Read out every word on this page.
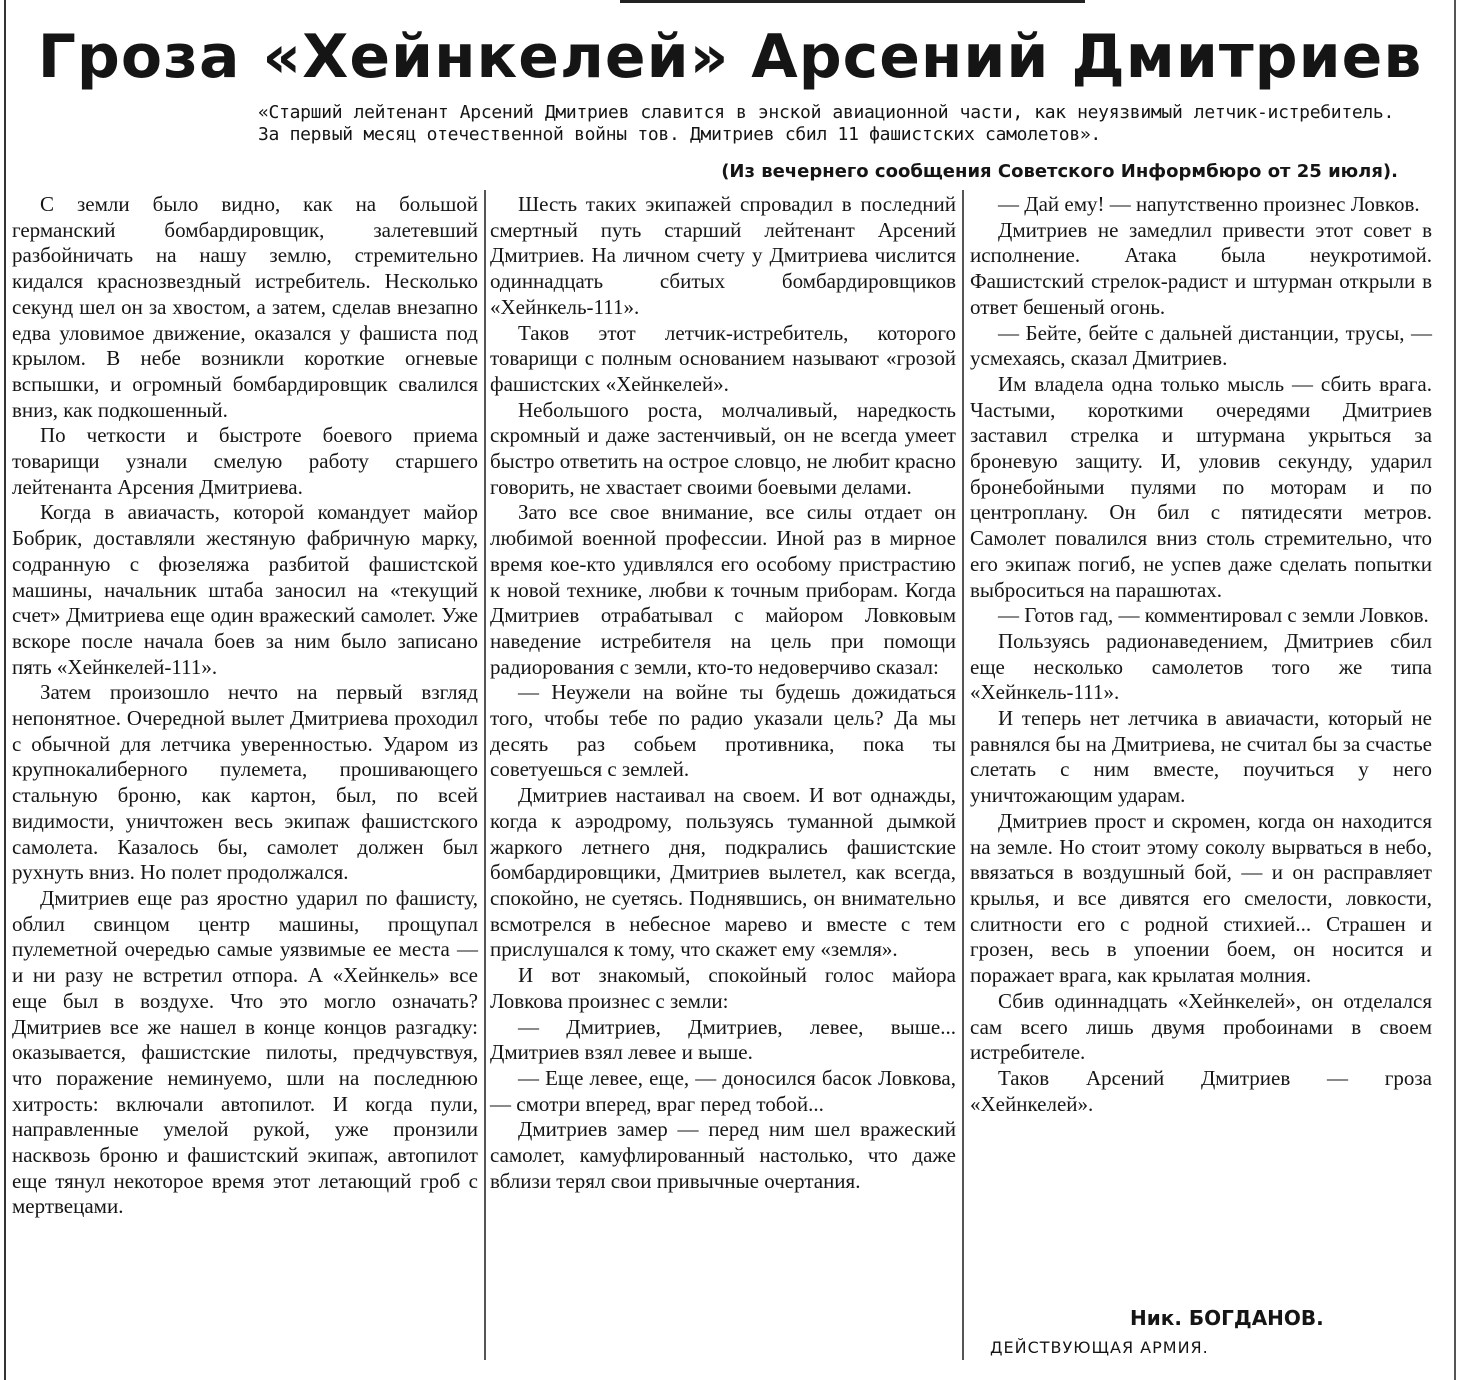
Гроза «Хейнкелей» Арсений Дмитриев

«Старший лейтенант Арсений Дмитриев славится в энской авиационной части, как неуязвимый летчик-истребитель. За первый месяц отечественной войны тов. Дмитриев сбил 11 фашистских самолетов».

(Из вечернего сообщения Советского Информбюро от 25 июля).

С земли было видно, как на большой германский бомбардировщик, залетевший разбойничать на нашу землю, стремительно кидался краснозвездный истребитель. Несколько секунд шел он за хвостом, а затем, сделав внезапно едва уловимое движение, оказался у фашиста под крылом. В небе возникли короткие огневые вспышки, и огромный бомбардировщик свалился вниз, как подкошенный.

По четкости и быстроте боевого приема товарищи узнали смелую работу старшего лейтенанта Арсения Дмитриева.

Когда в авиачасть, которой командует майор Бобрик, доставляли жестяную фабричную марку, содранную с фюзеляжа разбитой фашистской машины, начальник штаба заносил на «текущий счет» Дмитриева еще один вражеский самолет. Уже вскоре после начала боев за ним было записано пять «Хейнкелей-111».

Затем произошло нечто на первый взгляд непонятное. Очередной вылет Дмитриева проходил с обычной для летчика уверенностью. Ударом из крупнокалиберного пулемета, прошивающего стальную броню, как картон, был, по всей видимости, уничтожен весь экипаж фашистского самолета. Казалось бы, самолет должен был рухнуть вниз. Но полет продолжался.

Дмитриев еще раз яростно ударил по фашисту, облил свинцом центр машины, прощупал пулеметной очередью самые уязвимые ее места — и ни разу не встретил отпора. А «Хейнкель» все еще был в воздухе. Что это могло означать? Дмитриев все же нашел в конце концов разгадку: оказывается, фашистские пилоты, предчувствуя, что поражение неминуемо, шли на последнюю хитрость: включали автопилот. И когда пули, направленные умелой рукой, уже пронзили насквозь броню и фашистский экипаж, автопилот еще тянул некоторое время этот летающий гроб с мертвецами.

Шесть таких экипажей спровадил в последний смертный путь старший лейтенант Арсений Дмитриев. На личном счету у Дмитриева числится одиннадцать сбитых бомбардировщиков «Хейнкель-111».

Таков этот летчик-истребитель, которого товарищи с полным основанием называют «грозой фашистских «Хейнкелей».

Небольшого роста, молчаливый, наредкость скромный и даже застенчивый, он не всегда умеет быстро ответить на острое словцо, не любит красно говорить, не хвастает своими боевыми делами.

Зато все свое внимание, все силы отдает он любимой военной профессии. Иной раз в мирное время кое-кто удивлялся его особому пристрастию к новой технике, любви к точным приборам. Когда Дмитриев отрабатывал с майором Ловковым наведение истребителя на цель при помощи радиорования с земли, кто-то недоверчиво сказал:

— Неужели на войне ты будешь дожидаться того, чтобы тебе по радио указали цель? Да мы десять раз собьем противника, пока ты советуешься с землей.

Дмитриев настаивал на своем. И вот однажды, когда к аэродрому, пользуясь туманной дымкой жаркого летнего дня, подкрались фашистские бомбардировщики, Дмитриев вылетел, как всегда, спокойно, не суетясь. Поднявшись, он внимательно всмотрелся в небесное марево и вместе с тем прислушался к тому, что скажет ему «земля».

И вот знакомый, спокойный голос майора Ловкова произнес с земли:

— Дмитриев, Дмитриев, левее, выше... Дмитриев взял левее и выше.

— Еще левее, еще, — доносился басок Ловкова, — смотри вперед, враг перед тобой...

Дмитриев замер — перед ним шел вражеский самолет, камуфлированный настолько, что даже вблизи терял свои привычные очертания.

— Дай ему! — напутственно произнес Ловков.

Дмитриев не замедлил привести этот совет в исполнение. Атака была неукротимой. Фашистский стрелок-радист и штурман открыли в ответ бешеный огонь.

— Бейте, бейте с дальней дистанции, трусы, — усмехаясь, сказал Дмитриев.

Им владела одна только мысль — сбить врага. Частыми, короткими очередями Дмитриев заставил стрелка и штурмана укрыться за броневую защиту. И, уловив секунду, ударил бронебойными пулями по моторам и по центроплану. Он бил с пятидесяти метров. Самолет повалился вниз столь стремительно, что его экипаж погиб, не успев даже сделать попытки выброситься на парашютах.

— Готов гад, — комментировал с земли Ловков.

Пользуясь радионаведением, Дмитриев сбил еще несколько самолетов того же типа «Хейнкель-111».

И теперь нет летчика в авиачасти, который не равнялся бы на Дмитриева, не считал бы за счастье слетать с ним вместе, поучиться у него уничтожающим ударам.

Дмитриев прост и скромен, когда он находится на земле. Но стоит этому соколу вырваться в небо, ввязаться в воздушный бой, — и он расправляет крылья, и все дивятся его смелости, ловкости, слитности его с родной стихией... Страшен и грозен, весь в упоении боем, он носится и поражает врага, как крылатая молния.

Сбив одиннадцать «Хейнкелей», он отделался сам всего лишь двумя пробоинами в своем истребителе.

Таков Арсений Дмитриев — гроза «Хейнкелей».

Ник. БОГДАНОВ.
ДЕЙСТВУЮЩАЯ АРМИЯ.
